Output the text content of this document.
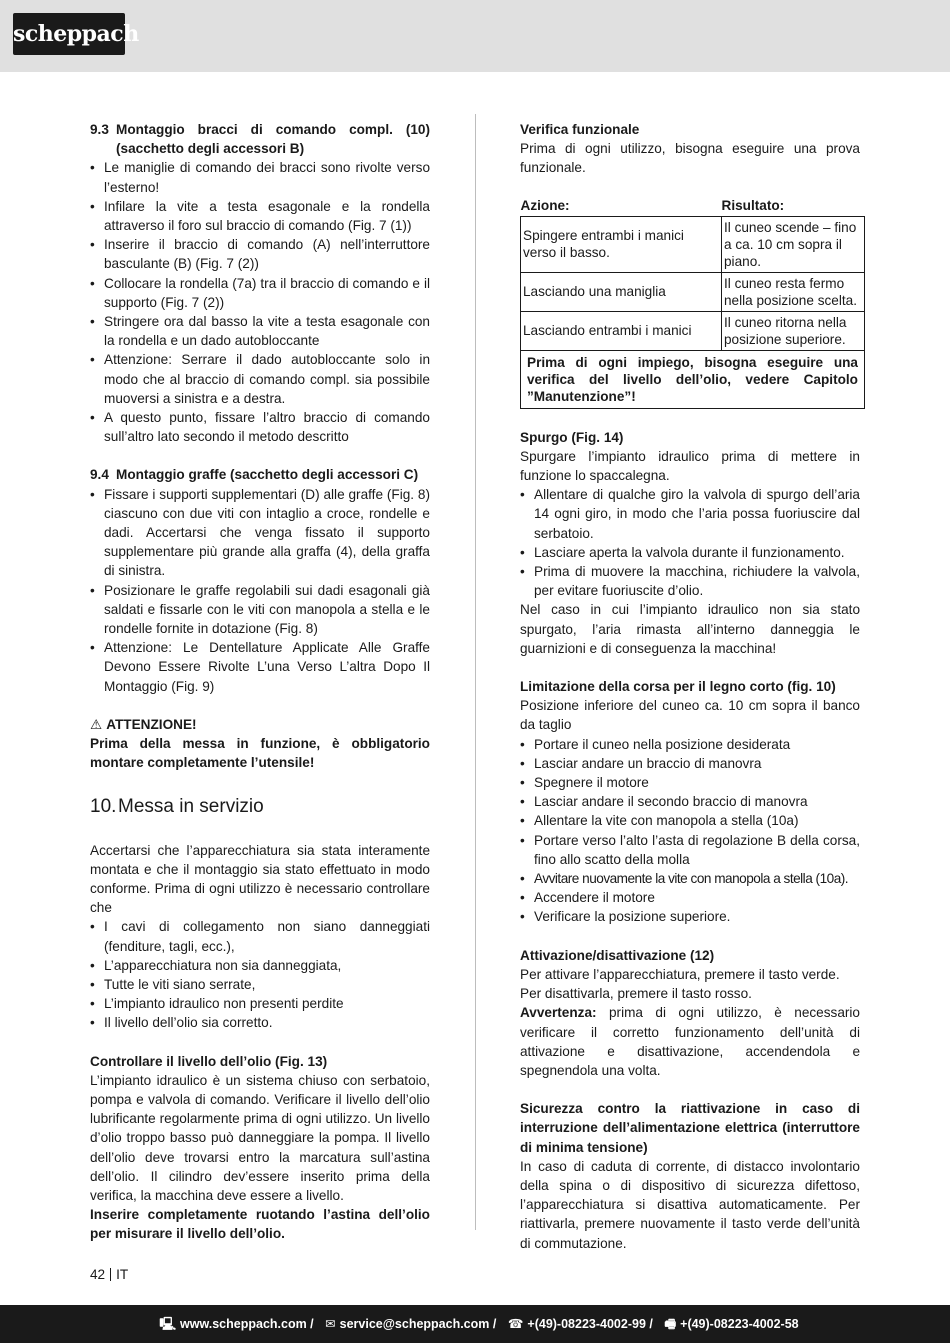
scheppach
9.3 Montaggio bracci di comando compl. (10) (sacchetto degli accessori B)
• Le maniglie di comando dei bracci sono rivolte verso l’esterno!
• Infilare la vite a testa esagonale e la rondella attraverso il foro sul braccio di comando (Fig. 7 (1))
• Inserire il braccio di comando (A) nell’interruttore basculante (B) (Fig. 7 (2))
• Collocare la rondella (7a) tra il braccio di comando e il supporto (Fig. 7 (2))
• Stringere ora dal basso la vite a testa esagonale con la rondella e un dado autobloccante
• Attenzione: Serrare il dado autobloccante solo in modo che al braccio di comando compl. sia possibile muoversi a sinistra e a destra.
• A questo punto, fissare l’altro braccio di comando sull’altro lato secondo il metodo descritto
9.4 Montaggio graffe (sacchetto degli accessori C)
• Fissare i supporti supplementari (D) alle graffe (Fig. 8) ciascuno con due viti con intaglio a croce, rondelle e dadi. Accertarsi che venga fissato il supporto supplementare più grande alla graffa (4), della graffa di sinistra.
• Posizionare le graffe regolabili sui dadi esagonali già saldati e fissarle con le viti con manopola a stella e le rondelle fornite in dotazione (Fig. 8)
• Attenzione: Le Dentellature Applicate Alle Graffe Devono Essere Rivolte L’una Verso L’altra Dopo Il Montaggio (Fig. 9)
⚠ ATTENZIONE!

Prima della messa in funzione, è obbligatorio montare completamente l’utensile!

10.Messa in servizio

Accertarsi che l’apparecchiatura sia stata interamente montata e che il montaggio sia stato effettuato in modo conforme. Prima di ogni utilizzo è necessario controllare che

• I cavi di collegamento non siano danneggiati (fenditure, tagli, ecc.),
• L’apparecchiatura non sia danneggiata,
• Tutte le viti siano serrate,
• L’impianto idraulico non presenti perdite
• Il livello dell’olio sia corretto.

Controllare il livello dell’olio (Fig. 13)

L’impianto idraulico è un sistema chiuso con serbatoio, pompa e valvola di comando. Verificare il livello dell’olio lubrificante regolarmente prima di ogni utilizzo. Un livello d’olio troppo basso può danneggiare la pompa. Il livello dell’olio deve trovarsi entro la marcatura sull’astina dell’olio. Il cilindro dev’essere inserito prima della verifica, la macchina deve essere a livello.

Inserire completamente ruotando l’astina dell’olio per misurare il livello dell’olio.

Verifica funzionale

Prima di ogni utilizzo, bisogna eseguire una prova funzionale.

Azione:	Risultato:
Spingere entrambi i manici verso il basso.	Il cuneo scende – fino a ca. 10 cm sopra il piano.
Lasciando una maniglia	Il cuneo resta fermo nella posizione scelta.
Lasciando entrambi i manici	Il cuneo ritorna nella posizione superiore.
Prima di ogni impiego, bisogna eseguire una verifica del livello dell’olio, vedere Capitolo ”Manutenzione”!	

Spurgo (Fig. 14)

Spurgare l’impianto idraulico prima di mettere in funzione lo spaccalegna.

• Allentare di qualche giro la valvola di spurgo dell’aria 14 ogni giro, in modo che l’aria possa fuoriuscire dal serbatoio.
• Lasciare aperta la valvola durante il funzionamento.
• Prima di muovere la macchina, richiudere la valvola, per evitare fuoriuscite d’olio.

Nel caso in cui l’impianto idraulico non sia stato spurgato, l’aria rimasta all’interno danneggia le guarnizioni e di conseguenza la macchina!

Limitazione della corsa per il legno corto (fig. 10)

Posizione inferiore del cuneo ca. 10 cm sopra il banco da taglio

• Portare il cuneo nella posizione desiderata
• Lasciar andare un braccio di manovra
• Spegnere il motore
• Lasciar andare il secondo braccio di manovra
• Allentare la vite con manopola a stella (10a)
• Portare verso l’alto l’asta di regolazione B della corsa, fino allo scatto della molla
• Avvitare nuovamente la vite con manopola a stella (10a).
• Accendere il motore
• Verificare la posizione superiore.

Attivazione/disattivazione (12)

Per attivare l’apparecchiatura, premere il tasto verde.

Per disattivarla, premere il tasto rosso.

Avvertenza: prima di ogni utilizzo, è necessario verificare il corretto funzionamento dell’unità di attivazione e disattivazione, accendendola e spegnendola una volta.

Sicurezza contro la riattivazione in caso di interruzione dell’alimentazione elettrica (interruttore di minima tensione)

In caso di caduta di corrente, di distacco involontario della spina o di dispositivo di sicurezza difettoso, l’apparecchiatura si disattiva automaticamente. Per riattivarla, premere nuovamente il tasto verde dell’unità di commutazione.

42 IT
🖳 www.scheppach.com / ✉ service@scheppach.com / ☎ +(49)-08223-4002-99 / 🖷 +(49)-08223-4002-58
